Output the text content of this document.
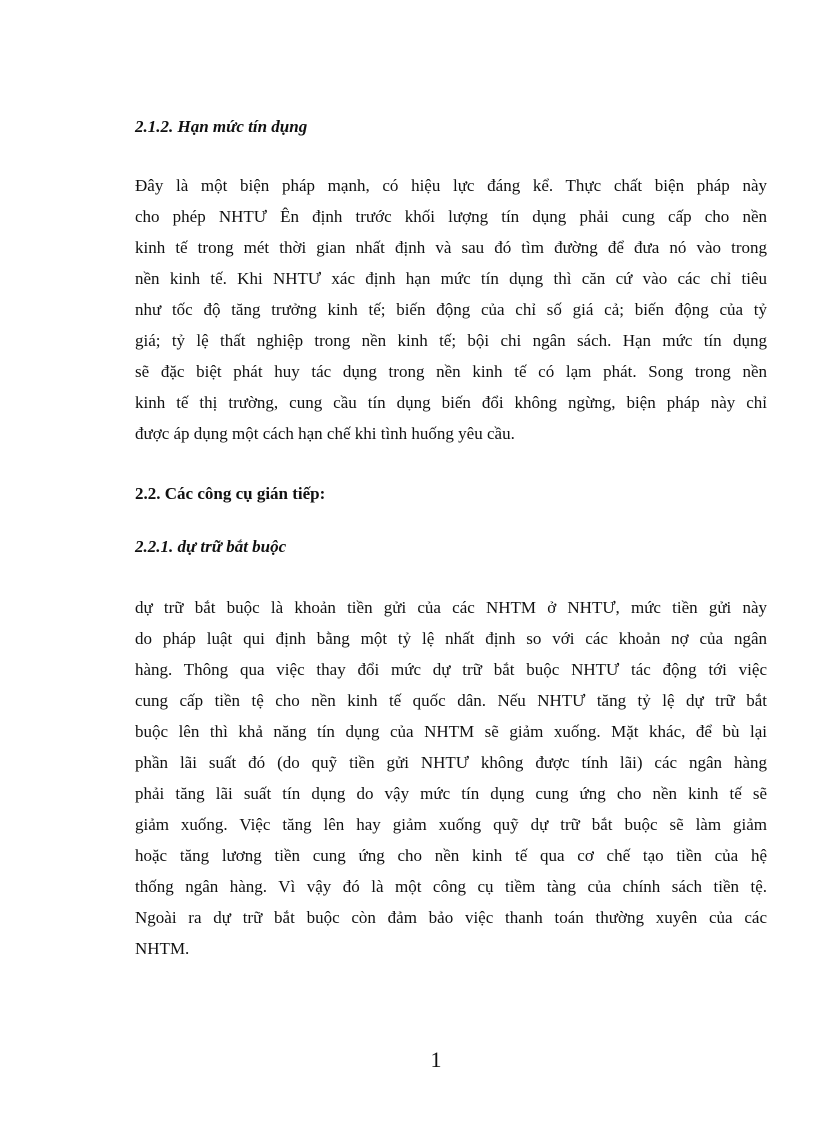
2.1.2. Hạn mức tín dụng
Đây là một biện pháp mạnh, có hiệu lực đáng kể. Thực chất biện pháp này
cho phép NHTƯ Ên định trước khối lượng tín dụng phải cung cấp cho nền
kinh tế trong mét thời gian nhất định và sau đó tìm đường để đưa nó vào trong
nền kinh tế. Khi NHTƯ xác định hạn mức tín dụng thì căn cứ vào các chỉ tiêu
như tốc độ tăng trưởng kinh tế; biến động của chỉ số giá cả; biến động của tỷ
giá; tỷ lệ thất nghiệp trong nền kinh tế; bội chi ngân sách. Hạn mức tín dụng
sẽ đặc biệt phát huy tác dụng trong nền kinh tế có lạm phát. Song trong nền
kinh tế thị trường, cung cầu tín dụng biến đổi không ngừng, biện pháp này chỉ
được áp dụng một cách hạn chế khi tình huống yêu cầu.
2.2. Các công cụ gián tiếp:
2.2.1. dự trữ bắt buộc
dự trữ bắt buộc là khoản tiền gửi của các NHTM ở NHTƯ, mức tiền gửi này
do pháp luật qui định bằng một tỷ lệ nhất định so với các khoản nợ của ngân
hàng. Thông qua việc thay đổi mức dự trữ bắt buộc NHTƯ tác động tới việc
cung cấp tiền tệ cho nền kinh tế quốc dân. Nếu NHTƯ tăng tỷ lệ dự trữ bắt
buộc lên thì khả năng tín dụng của NHTM sẽ giảm xuống. Mặt khác, để bù lại
phần lãi suất đó (do quỹ tiền gửi NHTƯ không được tính lãi) các ngân hàng
phải tăng lãi suất tín dụng do vậy mức tín dụng cung ứng cho nền kinh tế sẽ
giảm xuống. Việc tăng lên hay giảm xuống quỹ dự trữ bắt buộc sẽ làm giảm
hoặc tăng lương tiền cung ứng cho nền kinh tế qua cơ chế tạo tiền của hệ
thống ngân hàng. Vì vậy đó là một công cụ tiềm tàng của chính sách tiền tệ.
Ngoài ra dự trữ bắt buộc còn đảm bảo việc thanh toán thường xuyên của các
NHTM.
1
